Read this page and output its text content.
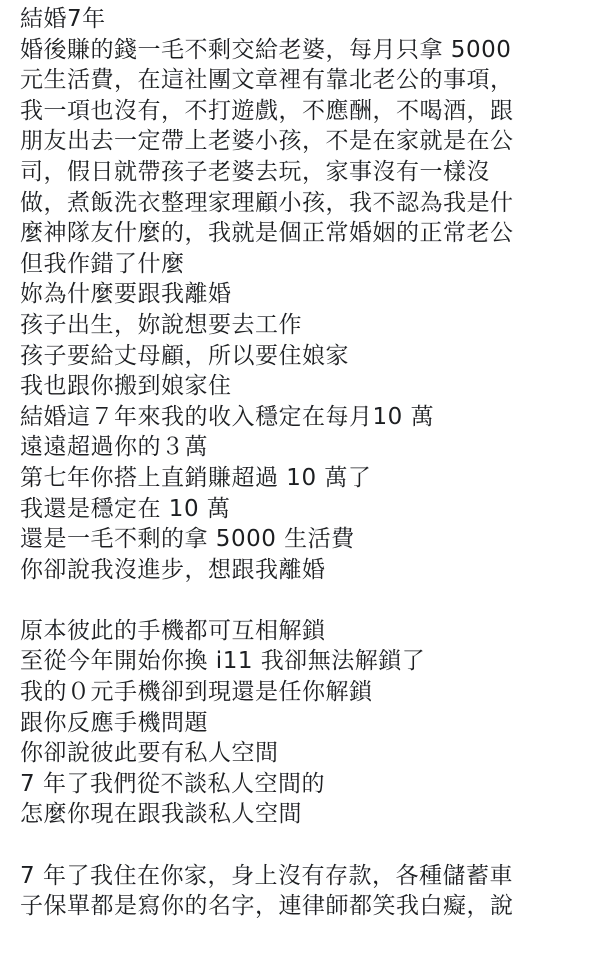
結婚7年
婚後賺的錢一毛不剩交給老婆，每月只拿 5000
元生活費，在這社團文章裡有靠北老公的事項，
我一項也沒有，不打遊戲，不應酬，不喝酒，跟
朋友出去一定帶上老婆小孩，不是在家就是在公
司，假日就帶孩子老婆去玩，家事沒有一樣沒
做，煮飯洗衣整理家理顧小孩，我不認為我是什
麼神隊友什麼的，我就是個正常婚姻的正常老公
但我作錯了什麼
妳為什麼要跟我離婚
孩子出生，妳說想要去工作
孩子要給丈母顧，所以要住娘家
我也跟你搬到娘家住
結婚這７年來我的收入穩定在每月10 萬
遠遠超過你的３萬
第七年你搭上直銷賺超過 10 萬了
我還是穩定在 10 萬
還是一毛不剩的拿 5000 生活費
你卻說我沒進步，想跟我離婚
原本彼此的手機都可互相解鎖
至從今年開始你換 i11 我卻無法解鎖了
我的０元手機卻到現還是任你解鎖
跟你反應手機問題
你卻說彼此要有私人空間
7 年了我們從不談私人空間的
怎麼你現在跟我談私人空間
7 年了我住在你家，身上沒有存款，各種儲蓄車
子保單都是寫你的名字，連律師都笑我白癡，說
